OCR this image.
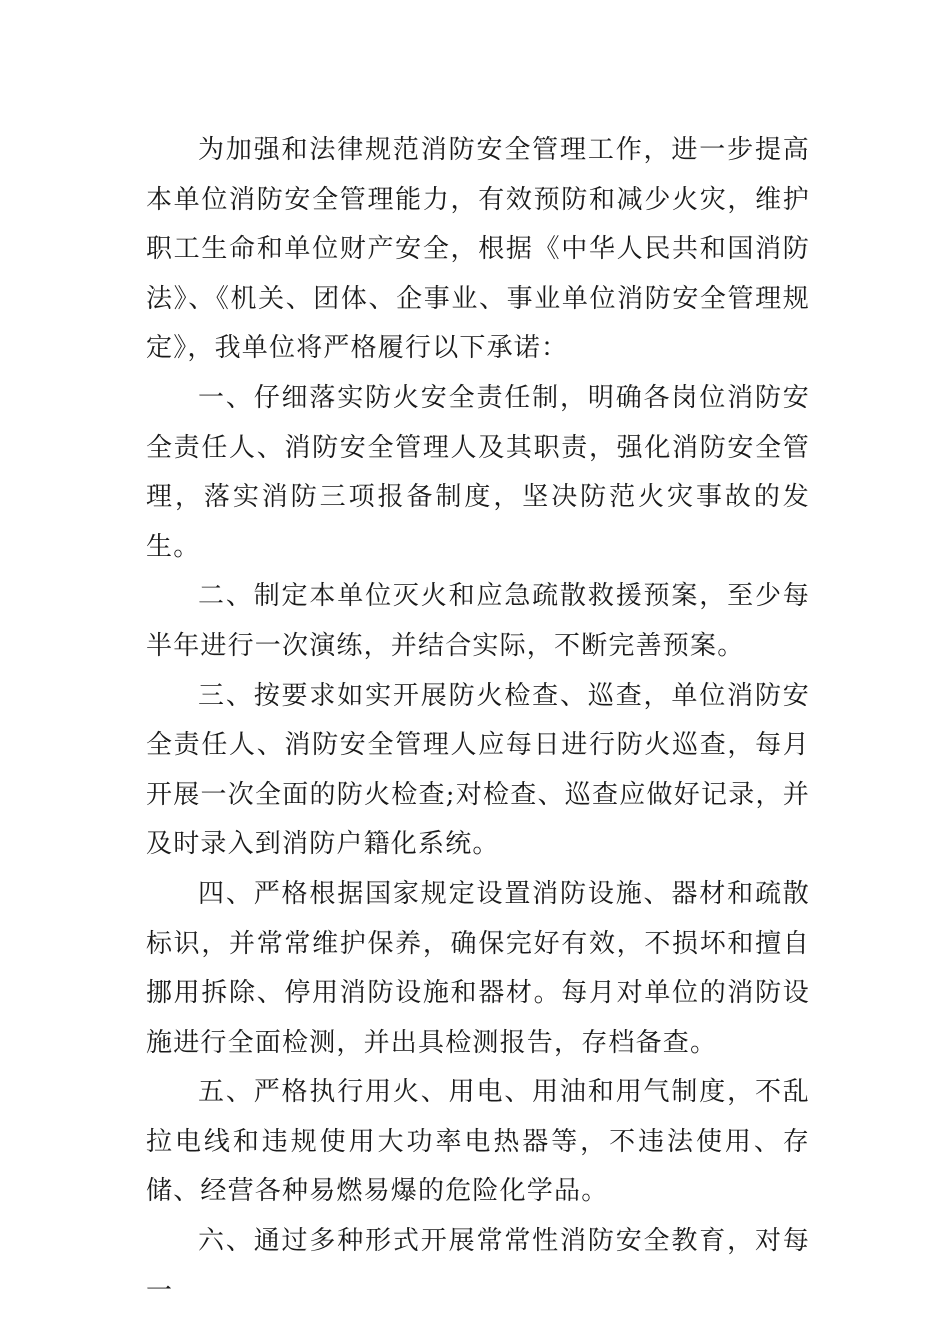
为加强和法律规范消防安全管理工作，进一步提高本单位消防安全管理能力，有效预防和减少火灾，维护职工生命和单位财产安全，根据《中华人民共和国消防法》、《机关、团体、企事业、事业单位消防安全管理规定》，我单位将严格履行以下承诺：

一、仔细落实防火安全责任制，明确各岗位消防安全责任人、消防安全管理人及其职责，强化消防安全管理，落实消防三项报备制度，坚决防范火灾事故的发生。

二、制定本单位灭火和应急疏散救援预案，至少每半年进行一次演练，并结合实际，不断完善预案。

三、按要求如实开展防火检查、巡查，单位消防安全责任人、消防安全管理人应每日进行防火巡查，每月开展一次全面的防火检查;对检查、巡查应做好记录，并及时录入到消防户籍化系统。

四、严格根据国家规定设置消防设施、器材和疏散标识，并常常维护保养，确保完好有效，不损坏和擅自挪用拆除、停用消防设施和器材。每月对单位的消防设施进行全面检测，并出具检测报告，存档备查。

五、严格执行用火、用电、用油和用气制度，不乱拉电线和违规使用大功率电热器等，不违法使用、存储、经营各种易燃易爆的危险化学品。

六、通过多种形式开展常常性消防安全教育，对每一
